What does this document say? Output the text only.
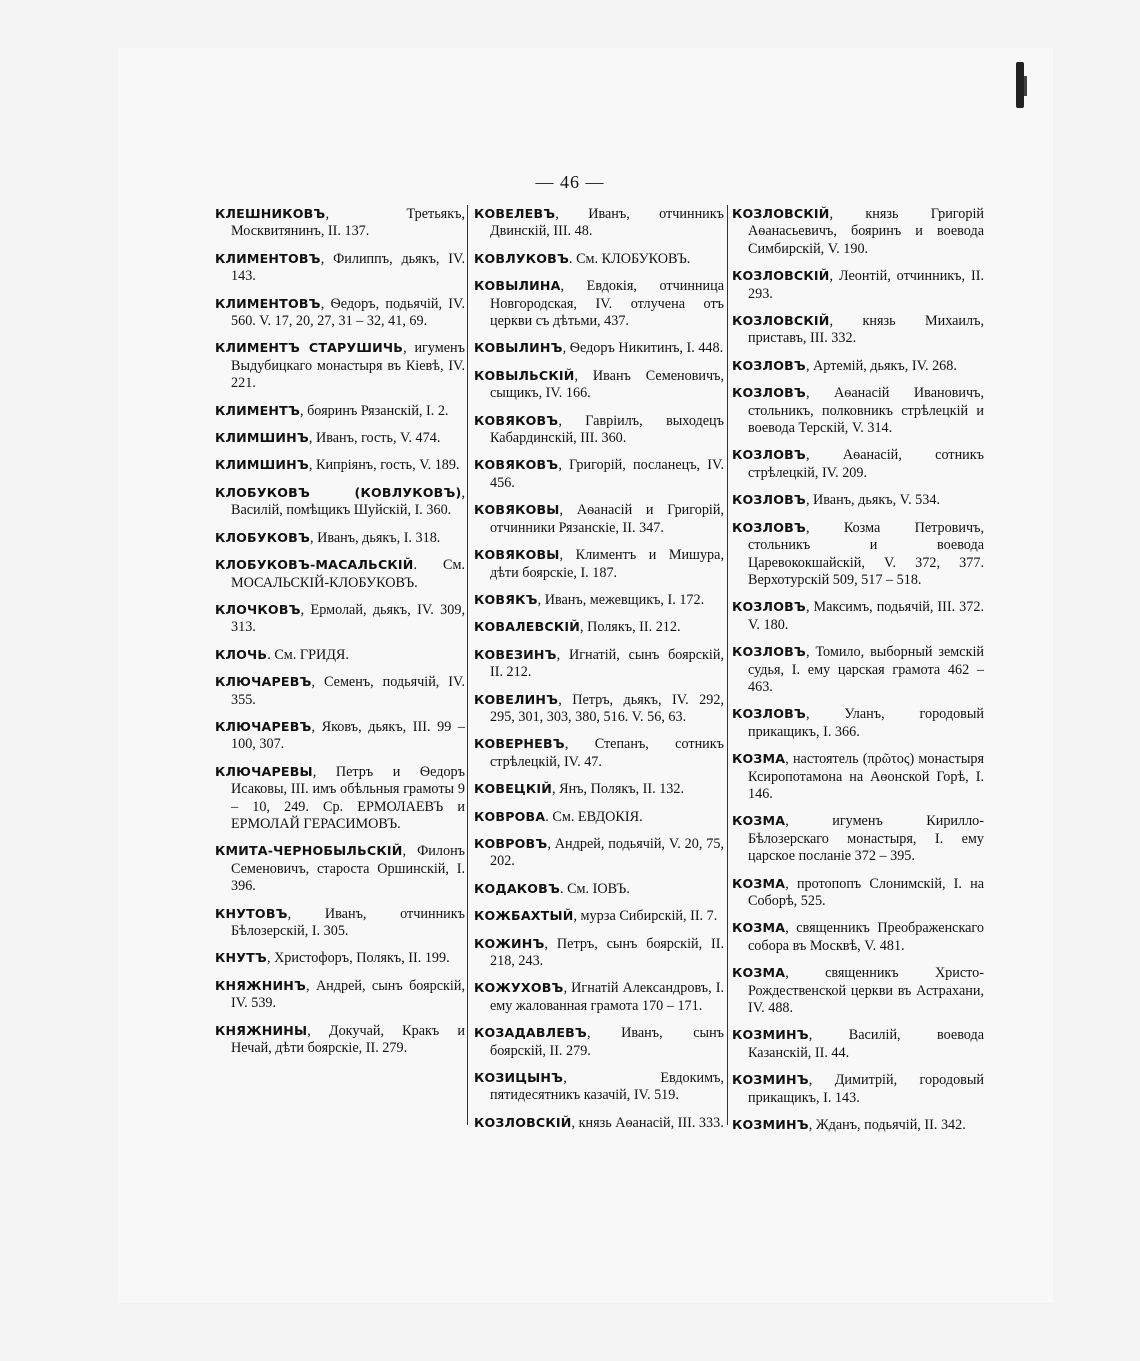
— 46 —

КЛЕШНИКОВЪ, Третьякъ, Москвитянинъ, II. 137.

КЛИМЕНТОВЪ, Филиппъ, дьякъ, IV. 143.

КЛИМЕНТОВЪ, Ѳедоръ, подьячій, IV. 560. V. 17, 20, 27, 31 – 32, 41, 69.

КЛИМЕНТЪ СТАРУШИЧЬ, игуменъ Выдубицкаго монастыря въ Кіевѣ, IV. 221.

КЛИМЕНТЪ, бояринъ Рязанскій, I. 2.

КЛИМШИНЪ, Иванъ, гость, V. 474.

КЛИМШИНЪ, Кипріянъ, гость, V. 189.

КЛОБУКОВЪ (КОВЛУКОВЪ), Василій, помѣщикъ Шуйскій, I. 360.

КЛОБУКОВЪ, Иванъ, дьякъ, I. 318.

КЛОБУКОВЪ-МАСАЛЬСКІЙ. См. МОСАЛЬСКІЙ-КЛОБУКОВЪ.

КЛОЧКОВЪ, Ермолай, дьякъ, IV. 309, 313.

КЛОЧЬ. См. ГРИДЯ.

КЛЮЧАРЕВЪ, Семенъ, подьячій, IV. 355.

КЛЮЧАРЕВЪ, Яковъ, дьякъ, III. 99 – 100, 307.

КЛЮЧАРЕВЫ, Петръ и Ѳедоръ Исаковы, III. имъ обѣльныя грамоты 9 – 10, 249. Ср. ЕРМОЛАЕВЪ и ЕРМОЛАЙ ГЕРАСИМОВЪ.

КМИТА-ЧЕРНОБЫЛЬСКІЙ, Филонъ Семеновичъ, староста Оршинскій, I. 396.

КНУТОВЪ, Иванъ, отчинникъ Бѣлозерскій, I. 305.

КНУТЪ, Христофоръ, Полякъ, II. 199.

КНЯЖНИНЪ, Андрей, сынъ боярскій, IV. 539.

КНЯЖНИНЫ, Докучай, Кракъ и Нечай, дѣти боярскіе, II. 279.

КОВЕЛЕВЪ, Иванъ, отчинникъ Двинскій, III. 48.

КОВЛУКОВЪ. См. КЛОБУКОВЪ.

КОВЫЛИНА, Евдокія, отчинница Новгородская, IV. отлучена отъ церкви съ дѣтьми, 437.

КОВЫЛИНЪ, Ѳедоръ Никитинъ, I. 448.

КОВЫЛЬСКІЙ, Иванъ Семеновичъ, сыщикъ, IV. 166.

КОВЯКОВЪ, Гавріилъ, выходецъ Кабардинскій, III. 360.

КОВЯКОВЪ, Григорій, посланецъ, IV. 456.

КОВЯКОВЫ, Аѳанасій и Григорій, отчинники Рязанскіе, II. 347.

КОВЯКОВЫ, Климентъ и Мишура, дѣти боярскіе, I. 187.

КОВЯКЪ, Иванъ, межевщикъ, I. 172.

КОВАЛЕВСКІЙ, Полякъ, II. 212.

КОВЕЗИНЪ, Игнатій, сынъ боярскій, II. 212.

КОВЕЛИНЪ, Петръ, дьякъ, IV. 292, 295, 301, 303, 380, 516. V. 56, 63.

КОВЕРНЕВЪ, Степанъ, сотникъ стрѣлецкій, IV. 47.

КОВЕЦКІЙ, Янъ, Полякъ, II. 132.

КОВРОВА. См. ЕВДОКІЯ.

КОВРОВЪ, Андрей, подьячій, V. 20, 75, 202.

КОДАКОВЪ. См. ІОВЪ.

КОЖБАХТЫЙ, мурза Сибирскій, II. 7.

КОЖИНЪ, Петръ, сынъ боярскій, II. 218, 243.

КОЖУХОВЪ, Игнатій Александровъ, I. ему жалованная грамота 170 – 171.

КОЗАДАВЛЕВЪ, Иванъ, сынъ боярскій, II. 279.

КОЗИЦЫНЪ, Евдокимъ, пятидесятникъ казачій, IV. 519.

КОЗЛОВСКІЙ, князь Аѳанасій, III. 333.

КОЗЛОВСКІЙ, князь Григорій Аѳанасьевичъ, бояринъ и воевода Симбирскій, V. 190.

КОЗЛОВСКІЙ, Леонтій, отчинникъ, II. 293.

КОЗЛОВСКІЙ, князь Михаилъ, приставъ, III. 332.

КОЗЛОВЪ, Артемій, дьякъ, IV. 268.

КОЗЛОВЪ, Аѳанасій Ивановичъ, стольникъ, полковникъ стрѣлецкій и воевода Терскій, V. 314.

КОЗЛОВЪ, Аѳанасій, сотникъ стрѣлецкій, IV. 209.

КОЗЛОВЪ, Иванъ, дьякъ, V. 534.

КОЗЛОВЪ, Козма Петровичъ, стольникъ и воевода Царевококшайскій, V. 372, 377. Верхотурскій 509, 517 – 518.

КОЗЛОВЪ, Максимъ, подьячій, III. 372. V. 180.

КОЗЛОВЪ, Томило, выборный земскій судья, I. ему царская грамота 462 – 463.

КОЗЛОВЪ, Уланъ, городовый прикащикъ, I. 366.

КОЗМА, настоятель (πρῶτος) монастыря Ксиропотамона на Аѳонской Горѣ, I. 146.

КОЗМА, игуменъ Кирилло-Бѣлозерскаго монастыря, I. ему царское посланіе 372 – 395.

КОЗМА, протопопъ Слонимскій, I. на Соборѣ, 525.

КОЗМА, священникъ Преображенскаго собора въ Москвѣ, V. 481.

КОЗМА, священникъ Христо-Рождественской церкви въ Астрахани, IV. 488.

КОЗМИНЪ, Василій, воевода Казанскій, II. 44.

КОЗМИНЪ, Димитрій, городовый прикащикъ, I. 143.

КОЗМИНЪ, Жданъ, подьячій, II. 342.
